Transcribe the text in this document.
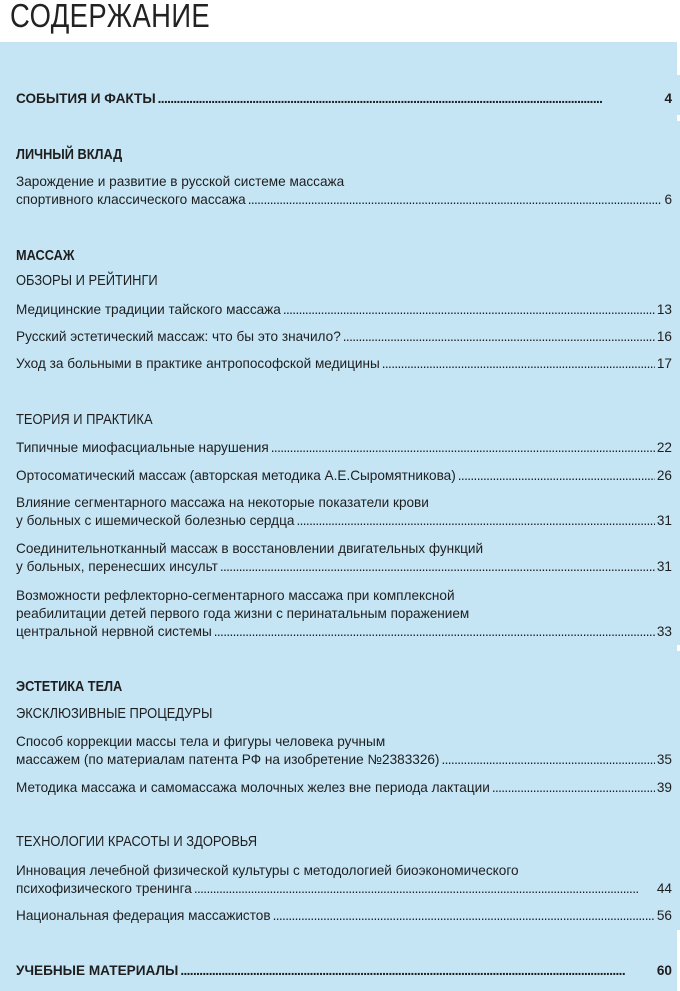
СОДЕРЖАНИЕ
СОБЫТИЯ И ФАКТЫ . . .	4
ЛИЧНЫЙ ВКЛАД
Зарождение и развитие в русской системе массажа
спортивного классического массажа . . .	6
МАССАЖ
ОБЗОРЫ И РЕЙТИНГИ
Медицинские традиции тайского массажа . . .	13
Русский эстетический массаж: что бы это значило? . . .	16
Уход за больными в практике антропософской медицины . . .	17
ТЕОРИЯ И ПРАКТИКА
Типичные миофасциальные нарушения . . .	22
Ортосоматический массаж (авторская методика А.Е.Сыромятникова) . . .	26
Влияние сегментарного массажа на некоторые показатели крови
у больных с ишемической болезнью сердца . . .	31
Соединительнотканный массаж в восстановлении двигательных функций
у больных, перенесших инсульт . . .	31
Возможности рефлекторно-сегментарного массажа при комплексной
реабилитации детей первого года жизни с перинатальным поражением
центральной нервной системы . . .	33
ЭСТЕТИКА ТЕЛА
ЭКСКЛЮЗИВНЫЕ ПРОЦЕДУРЫ
Способ коррекции массы тела и фигуры человека ручным
массажем (по материалам патента РФ на изобретение №2383326) . . .	35
Методика массажа и самомассажа молочных желез вне периода лактации . . .	39
ТЕХНОЛОГИИ КРАСОТЫ И ЗДОРОВЬЯ
Инновация лечебной физической культуры с методологией биоэкономического
психофизического тренинга . . .	44
Национальная федерация массажистов . . .	56
УЧЕБНЫЕ МАТЕРИАЛЫ . . .	60
